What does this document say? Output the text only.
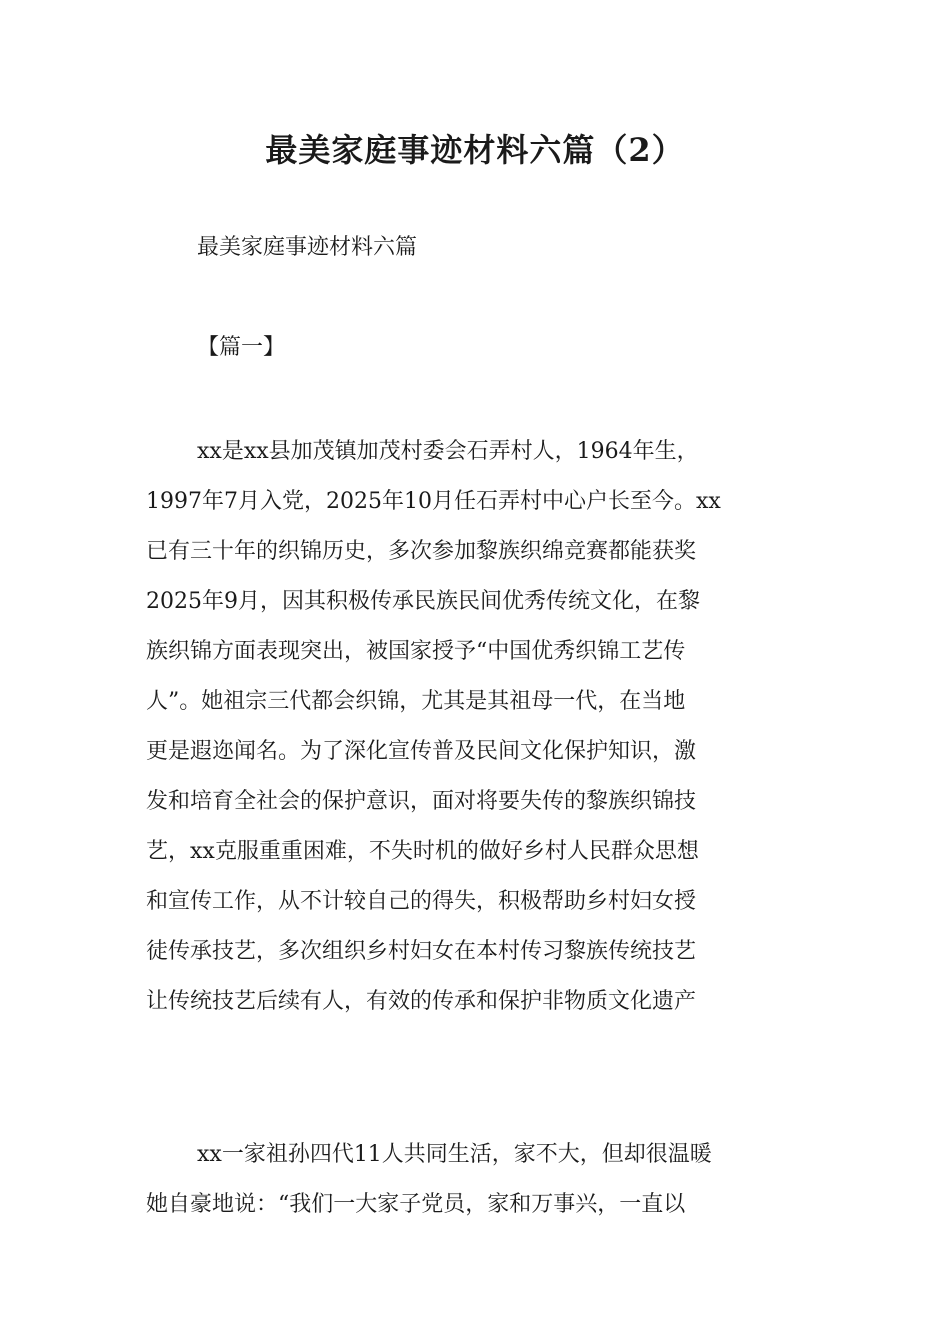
最美家庭事迹材料六篇（2）
最美家庭事迹材料六篇
【篇一】
xx是xx县加茂镇加茂村委会石弄村人，1964年生，
1997年7月入党，2025年10月任石弄村中心户长至今。xx
已有三十年的织锦历史，多次参加黎族织绵竞赛都能获奖
2025年9月，因其积极传承民族民间优秀传统文化，在黎
族织锦方面表现突出，被国家授予“中国优秀织锦工艺传
人”。她祖宗三代都会织锦，尤其是其祖母一代，在当地
更是遐迩闻名。为了深化宣传普及民间文化保护知识，激
发和培育全社会的保护意识，面对将要失传的黎族织锦技
艺，xx克服重重困难，不失时机的做好乡村人民群众思想
和宣传工作，从不计较自己的得失，积极帮助乡村妇女授
徒传承技艺，多次组织乡村妇女在本村传习黎族传统技艺
让传统技艺后续有人，有效的传承和保护非物质文化遗产
xx一家祖孙四代11人共同生活，家不大，但却很温暖
她自豪地说：“我们一大家子党员，家和万事兴，一直以
